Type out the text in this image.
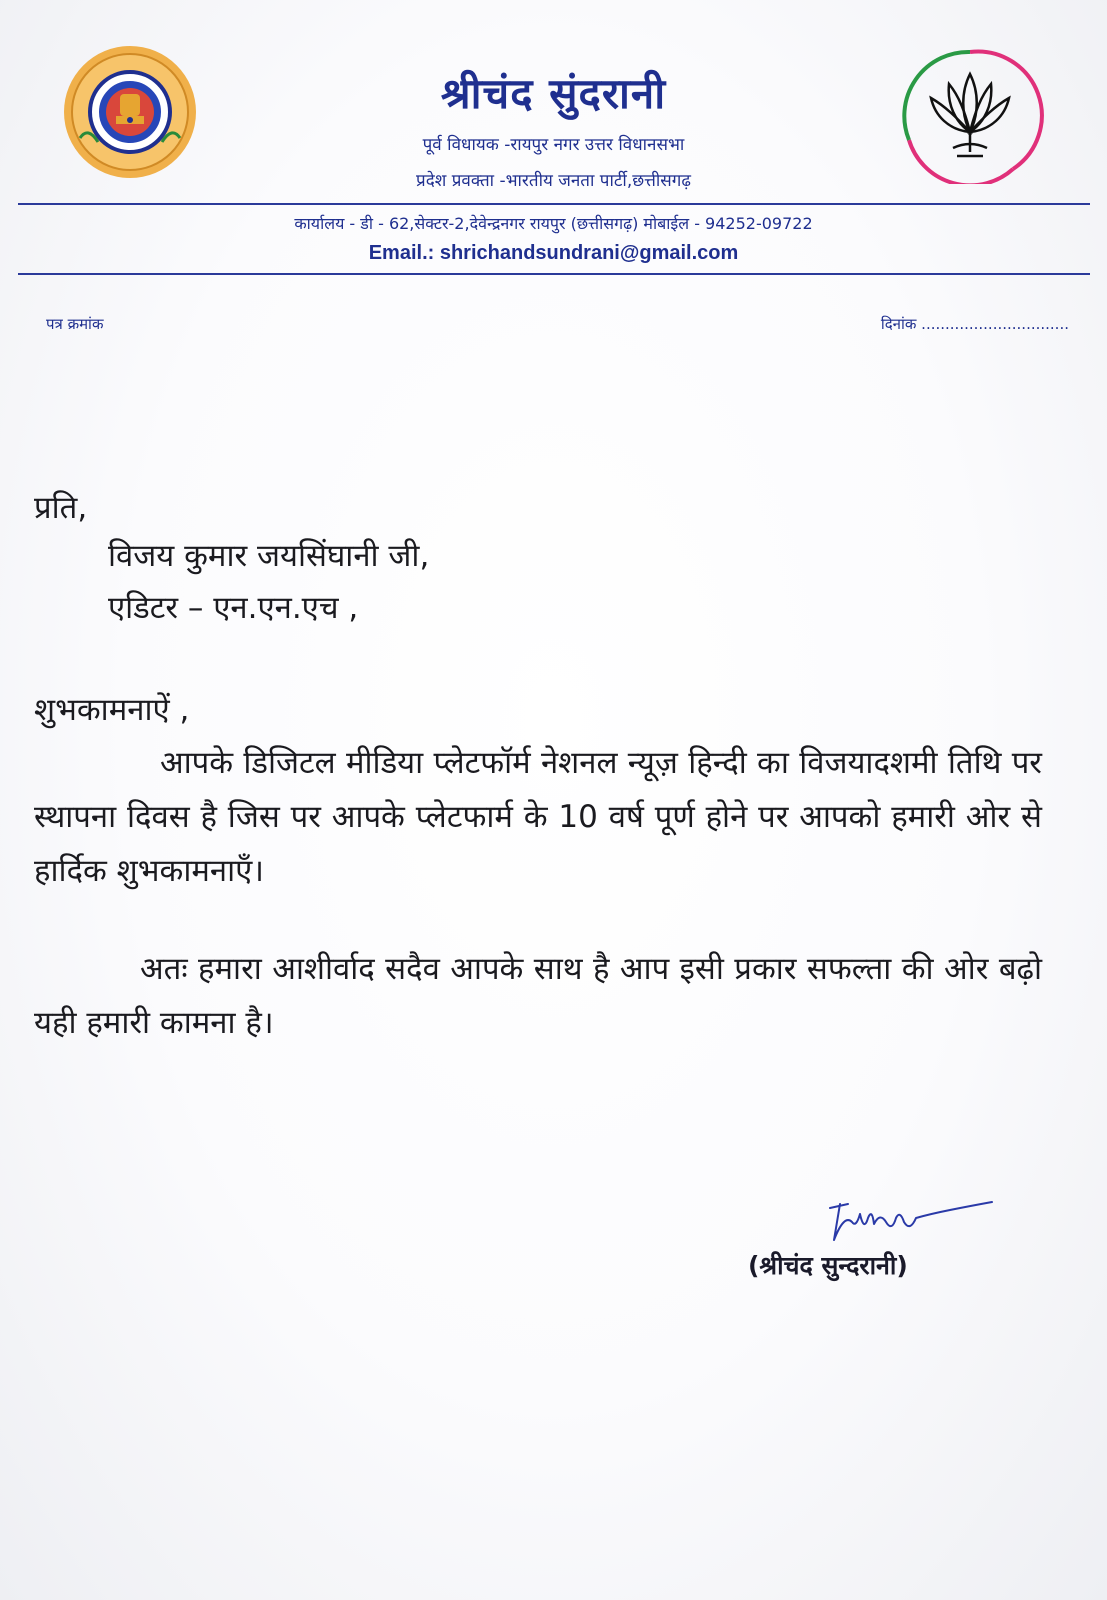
श्रीचंद सुंदरानी
पूर्व विधायक -रायपुर नगर उत्तर विधानसभा
प्रदेश प्रवक्ता -भारतीय जनता पार्टी,छत्तीसगढ़
कार्यालय - डी - 62,सेक्टर-2,देवेन्द्रनगर रायपुर (छत्तीसगढ़) मोबाईल - 94252-09722
Email.: shrichandsundrani@gmail.com
पत्र क्रमांक	दिनांक ...............................
प्रति,
विजय कुमार जयसिंघानी जी,
एडिटर – एन.एन.एच ,
शुभकामनाऐं ,
आपके डिजिटल मीडिया प्लेटफॉर्म नेशनल न्यूज़ हिन्दी का विजयादशमी तिथि पर स्थापना दिवस है जिस पर आपके प्लेटफार्म के 10 वर्ष पूर्ण होने पर आपको हमारी ओर से हार्दिक शुभकामनाएँ।
अतः हमारा आशीर्वाद सदैव आपके साथ है आप इसी प्रकार सफल्ता की ओर बढ़ो यही हमारी कामना है।
(श्रीचंद सुन्दरानी)
